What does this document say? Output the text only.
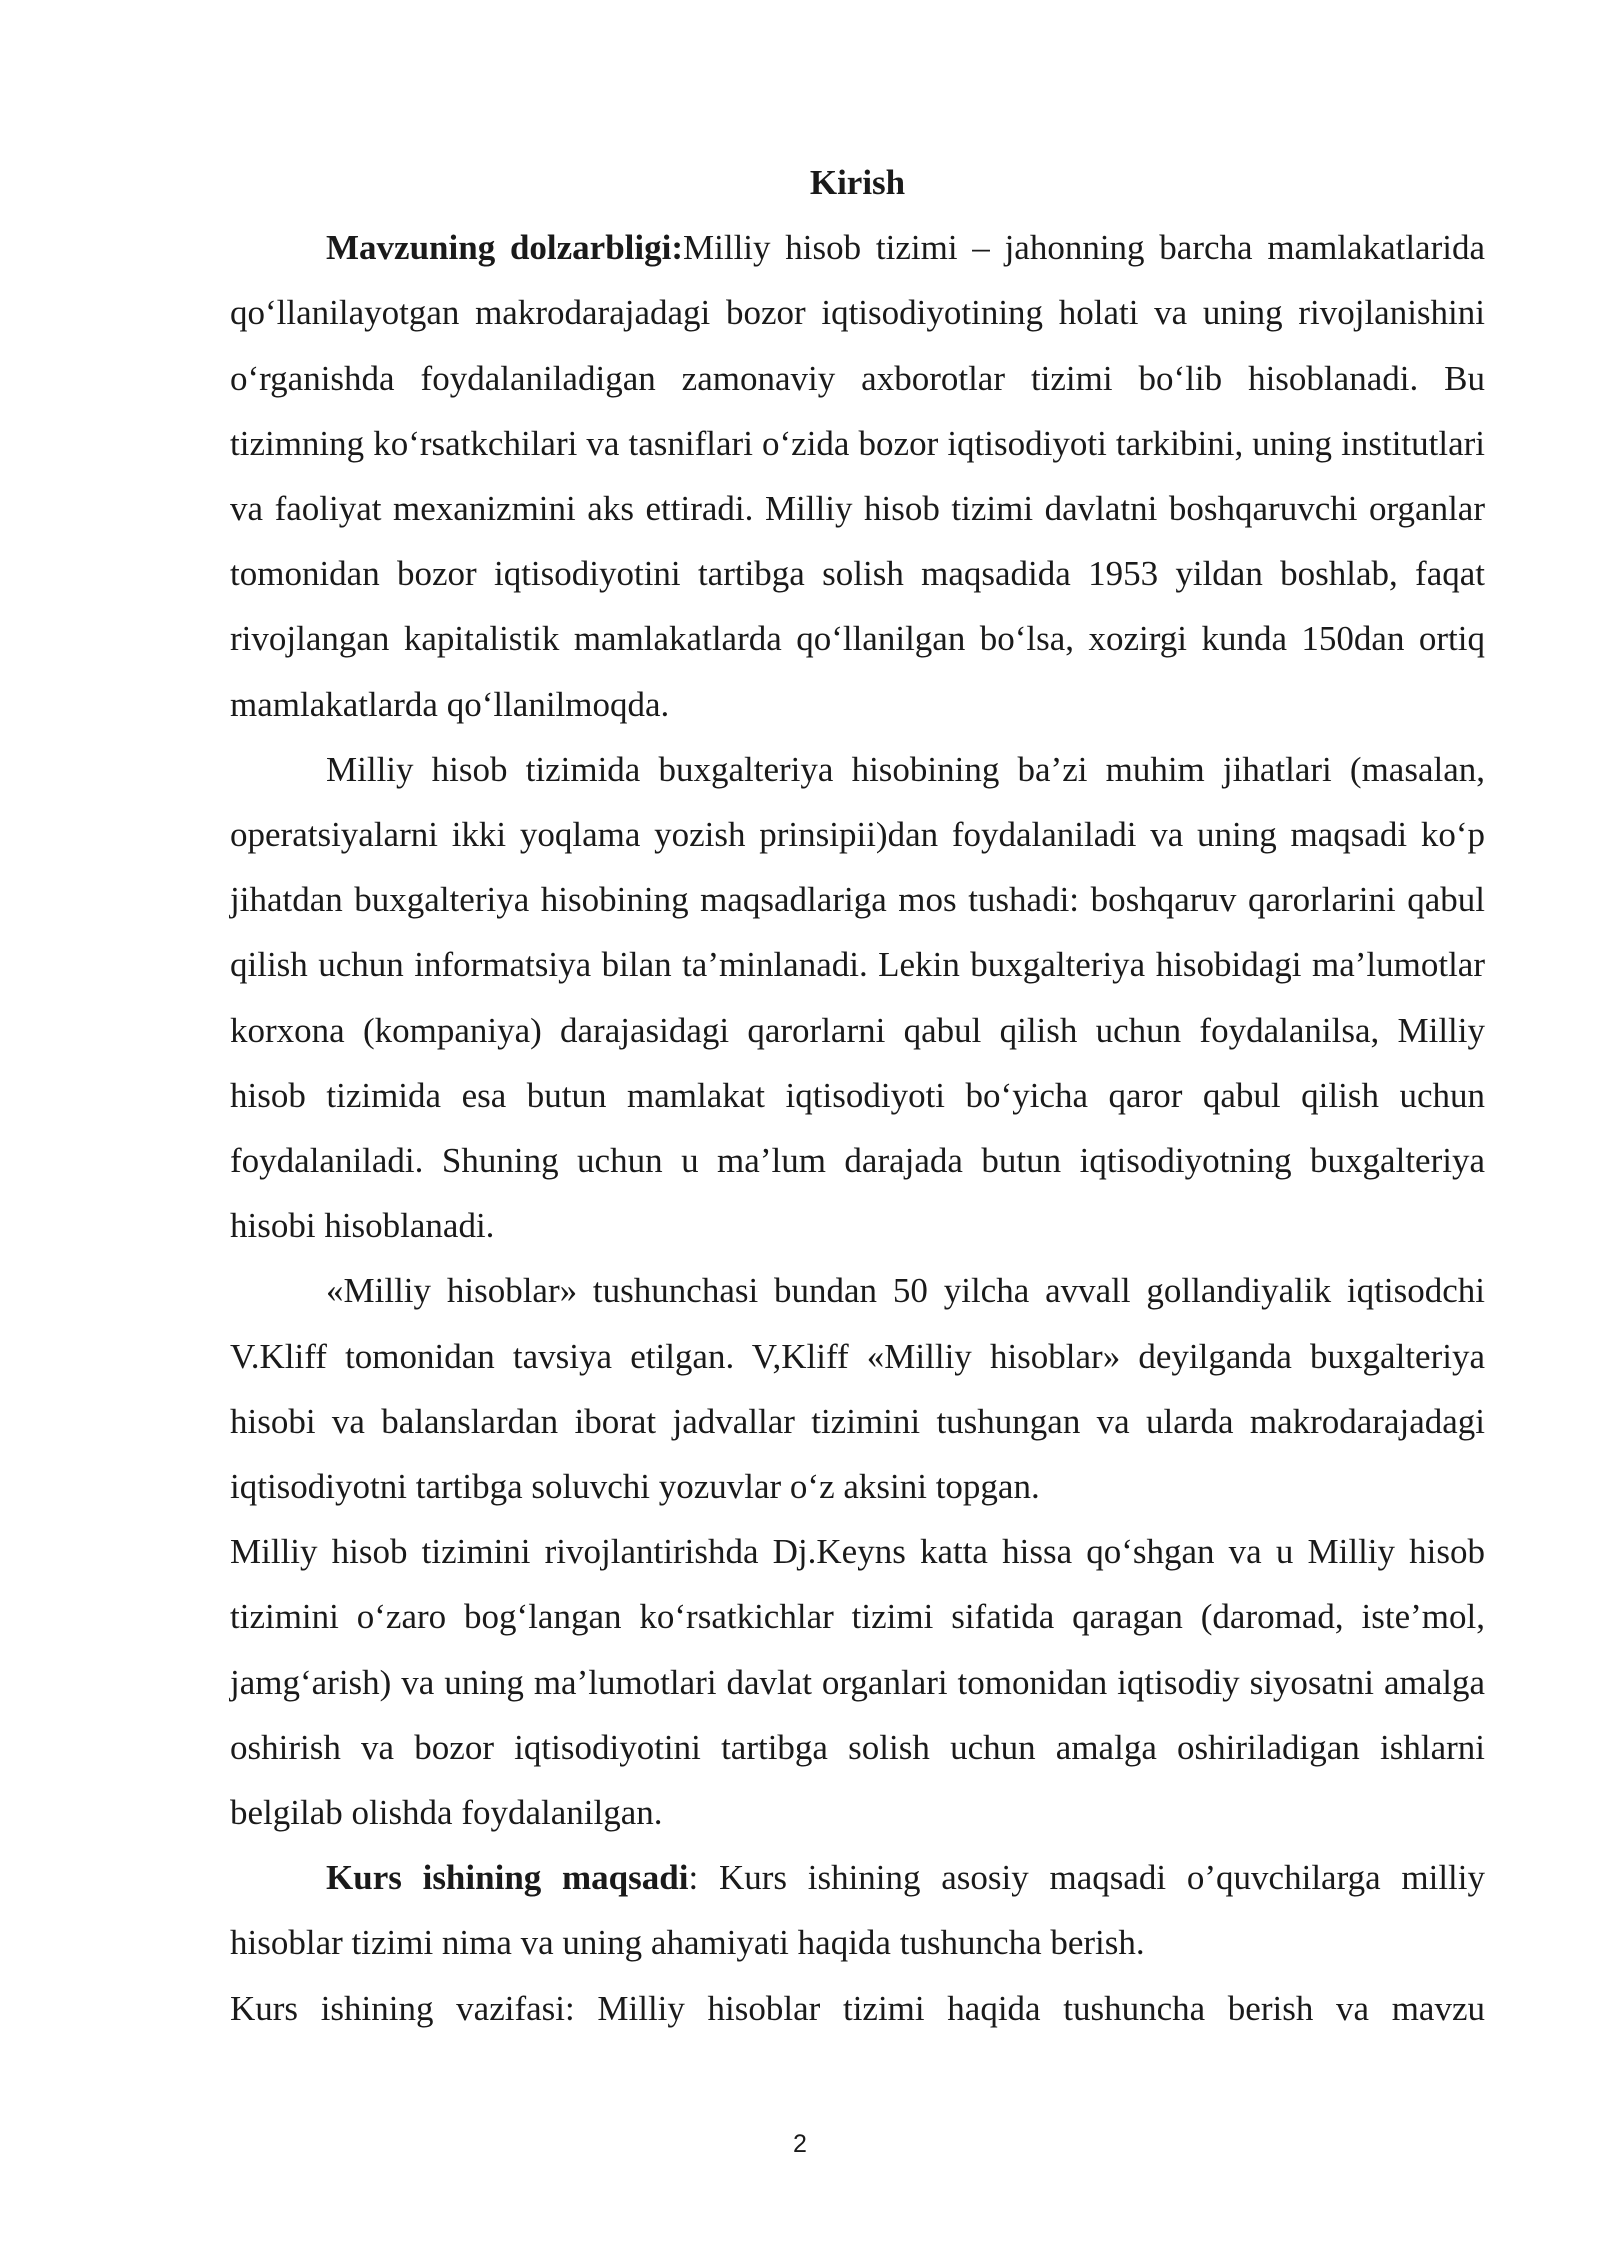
Kirish

Mavzuning dolzarbligi:Milliy hisob tizimi – jahonning barcha mamlakatlarida qo‘llanilayotgan makrodarajadagi bozor iqtisodiyotining holati va uning rivojlanishini o‘rganishda foydalaniladigan zamonaviy axborotlar tizimi bo‘lib hisoblanadi. Bu tizimning ko‘rsatkchilari va tasniflari o‘zida bozor iqtisodiyoti tarkibini, uning institutlari va faoliyat mexanizmini aks ettiradi. Milliy hisob tizimi davlatni boshqaruvchi organlar tomonidan bozor iqtisodiyotini tartibga solish maqsadida 1953 yildan boshlab, faqat rivojlangan kapitalistik mamlakatlarda qo‘llanilgan bo‘lsa, xozirgi kunda 150dan ortiq mamlakatlarda qo‘llanilmoqda.

Milliy hisob tizimida buxgalteriya hisobining ba’zi muhim jihatlari (masalan, operatsiyalarni ikki yoqlama yozish prinsipii)dan foydalaniladi va uning maqsadi ko‘p jihatdan buxgalteriya hisobining maqsadlariga mos tushadi: boshqaruv qarorlarini qabul qilish uchun informatsiya bilan ta’minlanadi. Lekin buxgalteriya hisobidagi ma’lumotlar korxona (kompaniya) darajasidagi qarorlarni qabul qilish uchun foydalanilsa, Milliy hisob tizimida esa butun mamlakat iqtisodiyoti bo‘yicha qaror qabul qilish uchun foydalaniladi. Shuning uchun u ma’lum darajada butun iqtisodiyotning buxgalteriya hisobi hisoblanadi.

«Milliy hisoblar» tushunchasi bundan 50 yilcha avvall gollandiyalik iqtisodchi V.Kliff tomonidan tavsiya etilgan. V,Kliff «Milliy hisoblar» deyilganda buxgalteriya hisobi va balanslardan iborat jadvallar tizimini tushungan va ularda makrodarajadagi iqtisodiyotni tartibga soluvchi yozuvlar o‘z aksini topgan.

Milliy hisob tizimini rivojlantirishda Dj.Keyns katta hissa qo‘shgan va u Milliy hisob tizimini o‘zaro bog‘langan ko‘rsatkichlar tizimi sifatida qaragan (daromad, iste’mol, jamg‘arish) va uning ma’lumotlari davlat organlari tomonidan iqtisodiy siyosatni amalga oshirish va bozor iqtisodiyotini tartibga solish uchun amalga oshiriladigan ishlarni belgilab olishda foydalanilgan.

Kurs ishining maqsadi: Kurs ishining asosiy maqsadi o’quvchilarga milliy hisoblar tizimi nima va uning ahamiyati haqida tushuncha berish.

Kurs ishining vazifasi: Milliy hisoblar tizimi haqida tushuncha berish va mavzu

2
